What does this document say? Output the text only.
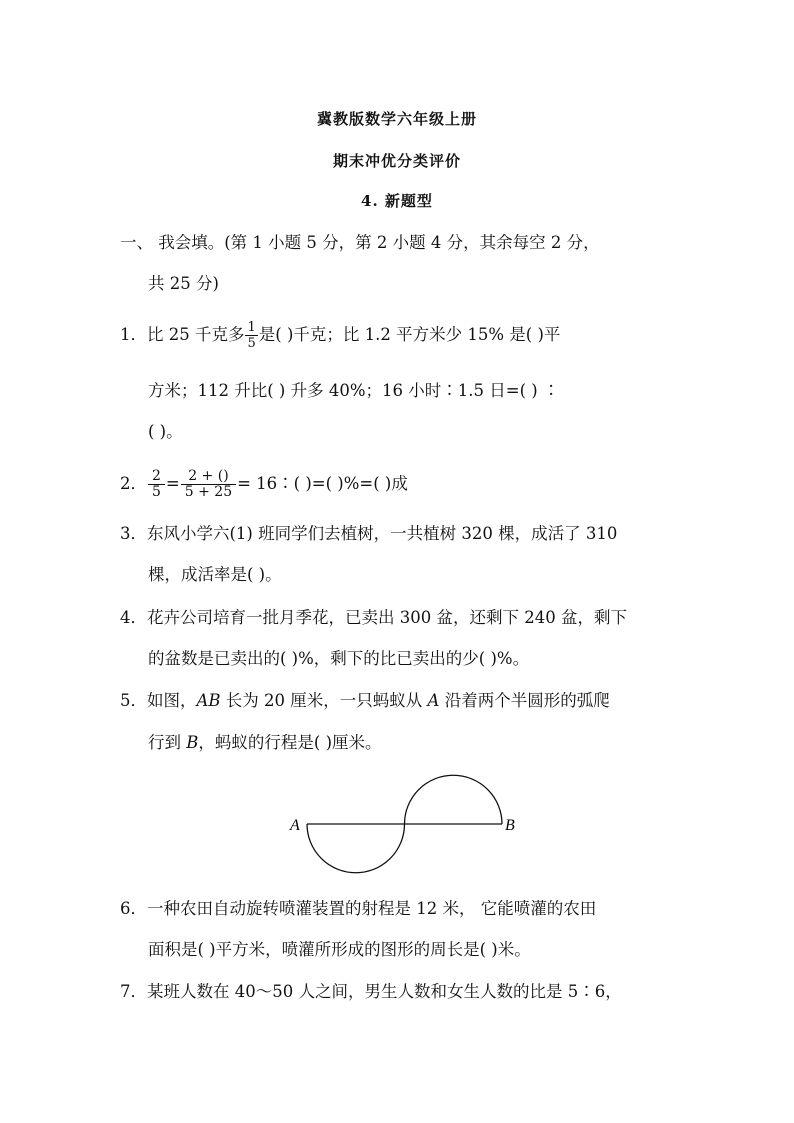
冀教版数学六年级上册
期末冲优分类评价
4. 新题型
一、 我会填。(第 1 小题 5 分，第 2 小题 4 分，其余每空 2 分，
共 25 分)
1．比 25 千克多 $\frac{1}{5}$ 是( )千克；比 1.2 平方米少 15% 是( )平
方米；112 升比( ) 升多 40%；16 小时∶1.5 日=( ) ∶
( )。
2． $\frac{2}{5} = \frac{2 + ()}{5 + 25}$ = 16∶( )=( )%=( )成
3．东风小学六(1) 班同学们去植树，一共植树 320 棵，成活了 310
棵，成活率是( )。
4．花卉公司培育一批月季花，已卖出 300 盆，还剩下 240 盆，剩下
的盆数是已卖出的( )%，剩下的比已卖出的少( )%。
5．如图，AB 长为 20 厘米，一只蚂蚁从 A 沿着两个半圆形的弧爬
行到 B，蚂蚁的行程是( )厘米。
A	B
6．一种农田自动旋转喷灌装置的射程是 12 米， 它能喷灌的农田
面积是( )平方米，喷灌所形成的图形的周长是( )米。
7．某班人数在 40～50 人之间，男生人数和女生人数的比是 5∶6，
